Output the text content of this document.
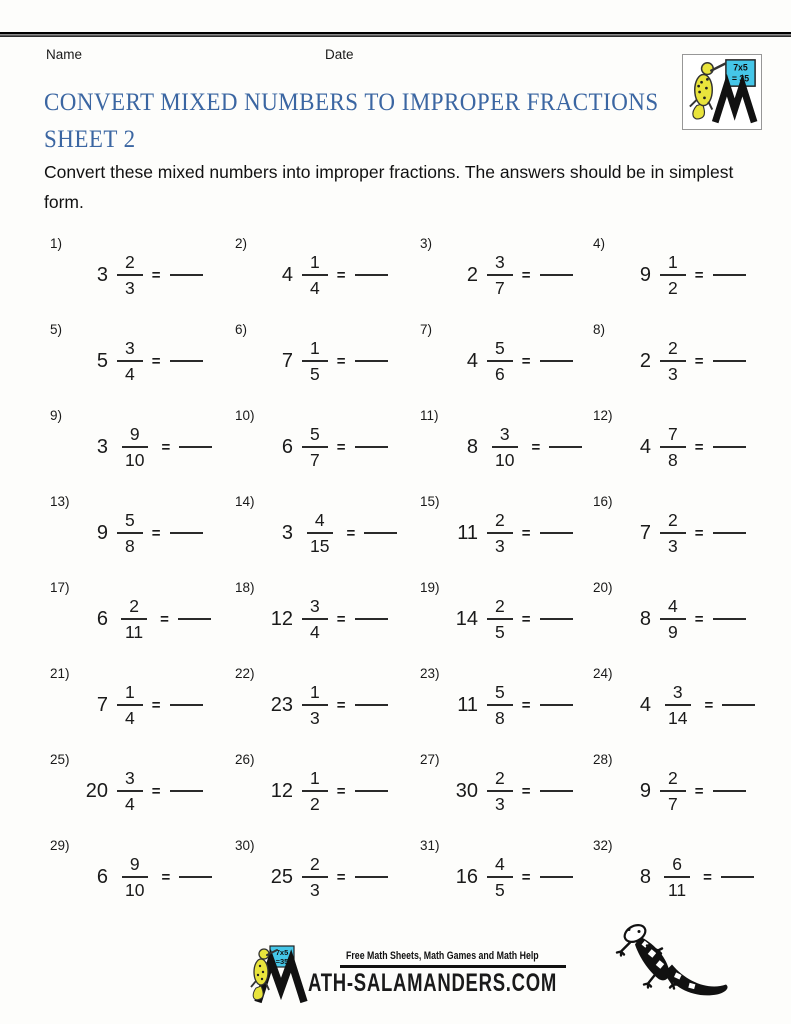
Name	Date
7x5
= 35
CONVERT MIXED NUMBERS TO IMPROPER FRACTIONS
SHEET 2
Convert these mixed numbers into improper fractions. The answers should be in simplest form.
1)
$3 \frac{2}{3}$ =
2)
$4 \frac{1}{4}$ =
3)
$2 \frac{3}{7}$ =
4)
$9 \frac{1}{2}$ =
5)
$5 \frac{3}{4}$ =
6)
$7 \frac{1}{5}$ =
7)
$4 \frac{5}{6}$ =
8)
$2 \frac{2}{3}$ =
9)
$3 \frac{9}{10}$ =
10)
$6 \frac{5}{7}$ =
11)
$8 \frac{3}{10}$ =
12)
$4 \frac{7}{8}$ =
13)
$9 \frac{5}{8}$ =
14)
$3 \frac{4}{15}$ =
15)
$11 \frac{2}{3}$ =
16)
$7 \frac{2}{3}$ =
17)
$6 \frac{2}{11}$ =
18)
$12 \frac{3}{4}$ =
19)
$14 \frac{2}{5}$ =
20)
$8 \frac{4}{9}$ =
21)
$7 \frac{1}{4}$ =
22)
$23 \frac{1}{3}$ =
23)
$11 \frac{5}{8}$ =
24)
$4 \frac{3}{14}$ =
25)
$20 \frac{3}{4}$ =
26)
$12 \frac{1}{2}$ =
27)
$30 \frac{2}{3}$ =
28)
$9 \frac{2}{7}$ =
29)
$6 \frac{9}{10}$ =
30)
$25 \frac{2}{3}$ =
31)
$16 \frac{4}{5}$ =
32)
$8 \frac{6}{11}$ =
7x5
=35	Free Math Sheets, Math Games and Math Help
ATH-SALAMANDERS.COM
